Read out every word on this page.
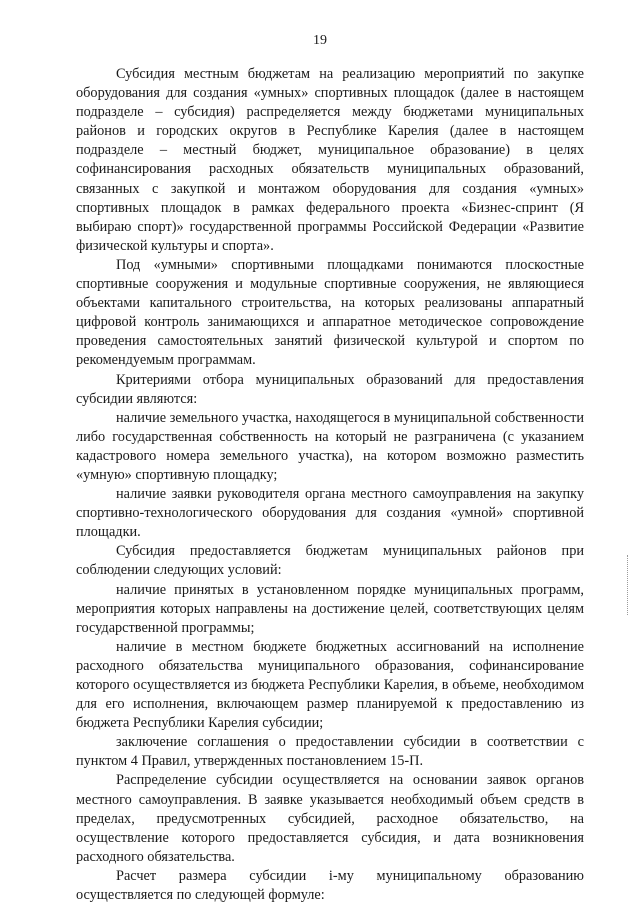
19

Субсидия местным бюджетам на реализацию мероприятий по закупке оборудования для создания «умных» спортивных площадок (далее в настоящем подразделе – субсидия) распределяется между бюджетами муниципальных районов и городских округов в Республике Карелия (далее в настоящем подразделе – местный бюджет, муниципальное образование) в целях софинансирования расходных обязательств муниципальных образований, связанных с закупкой и монтажом оборудования для создания «умных» спортивных площадок в рамках федерального проекта «Бизнес-спринт (Я выбираю спорт)» государственной программы Российской Федерации «Развитие физической культуры и спорта».

Под «умными» спортивными площадками понимаются плоскостные спортивные сооружения и модульные спортивные сооружения, не являющиеся объектами капитального строительства, на которых реализованы аппаратный цифровой контроль занимающихся и аппаратное методическое сопровождение проведения самостоятельных занятий физической культурой и спортом по рекомендуемым программам.

Критериями отбора муниципальных образований для предоставления субсидии являются:

наличие земельного участка, находящегося в муниципальной собственности либо государственная собственность на который не разграничена (с указанием кадастрового номера земельного участка), на котором возможно разместить «умную» спортивную площадку;

наличие заявки руководителя органа местного самоуправления на закупку спортивно-технологического оборудования для создания «умной» спортивной площадки.

Субсидия предоставляется бюджетам муниципальных районов при соблюдении следующих условий:

наличие принятых в установленном порядке муниципальных программ, мероприятия которых направлены на достижение целей, соответствующих целям государственной программы;

наличие в местном бюджете бюджетных ассигнований на исполнение расходного обязательства муниципального образования, софинансирование которого осуществляется из бюджета Республики Карелия, в объеме, необходимом для его исполнения, включающем размер планируемой к предоставлению из бюджета Республики Карелия субсидии;

заключение соглашения о предоставлении субсидии в соответствии с пунктом 4 Правил, утвержденных постановлением 15-П.

Распределение субсидии осуществляется на основании заявок органов местного самоуправления. В заявке указывается необходимый объем средств в пределах, предусмотренных субсидией, расходное обязательство, на осуществление которого предоставляется субсидия, и дата возникновения расходного обязательства.

Расчет размера субсидии i-му муниципальному образованию осуществляется по следующей формуле:
